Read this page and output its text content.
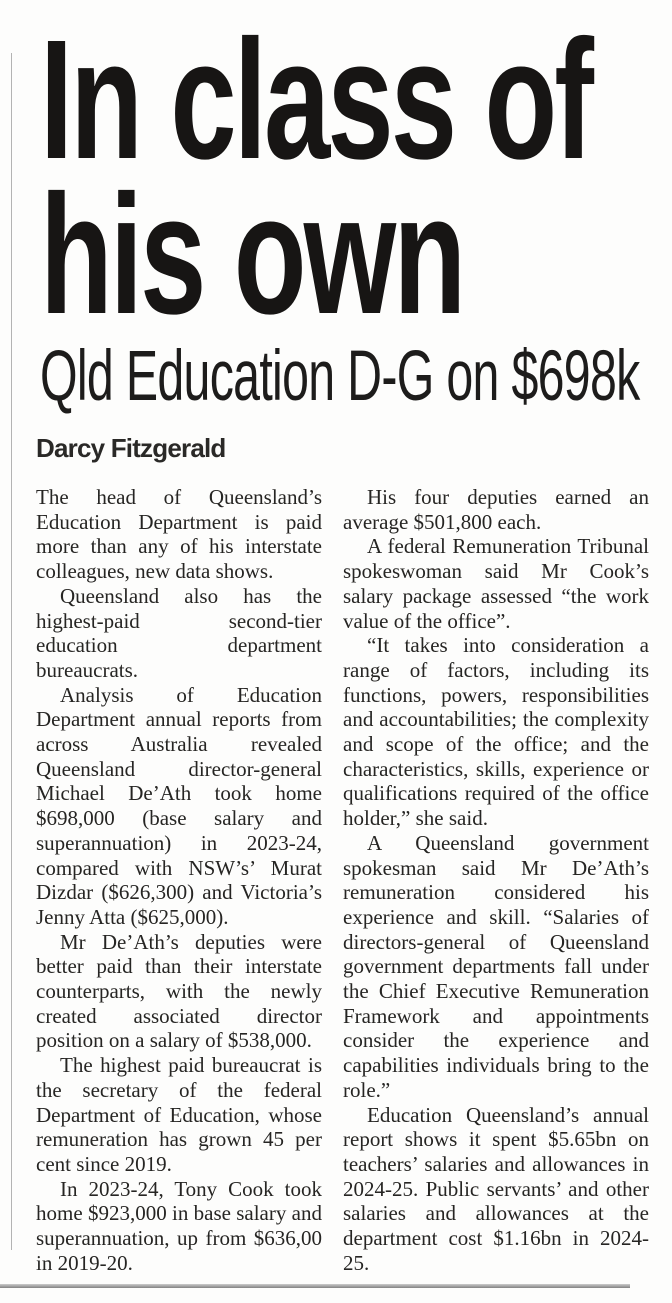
In class of
his own
Qld Education D-G on $698k
Darcy Fitzgerald

The head of Queensland’s Education Department is paid more than any of his interstate colleagues, new data shows.

Queensland also has the highest-paid second-tier education department bureaucrats.

Analysis of Education Department annual reports from across Australia revealed Queensland director-general Michael De’Ath took home $698,000 (base salary and superannuation) in 2023-24, compared with NSW’s’ Murat Dizdar ($626,300) and Victoria’s Jenny Atta ($625,000).

Mr De’Ath’s deputies were better paid than their interstate counterparts, with the newly created associated director position on a salary of $538,000.

The highest paid bureaucrat is the secretary of the federal Department of Education, whose remuneration has grown 45 per cent since 2019.

In 2023-24, Tony Cook took home $923,000 in base salary and superannuation, up from $636,00 in 2019-20.

His four deputies earned an average $501,800 each.

A federal Remuneration Tribunal spokeswoman said Mr Cook’s salary package assessed “the work value of the office”.

“It takes into consideration a range of factors, including its functions, powers, responsibilities and accountabilities; the complexity and scope of the office; and the characteristics, skills, experience or qualifications required of the office holder,” she said.

A Queensland government spokesman said Mr De’Ath’s remuneration considered his experience and skill. “Salaries of directors-general of Queensland government departments fall under the Chief Executive Remuneration Framework and appointments consider the experience and capabilities individuals bring to the role.”

Education Queensland’s annual report shows it spent $5.65bn on teachers’ salaries and allowances in 2024-25. Public servants’ and other salaries and allowances at the department cost $1.16bn in 2024-25.
